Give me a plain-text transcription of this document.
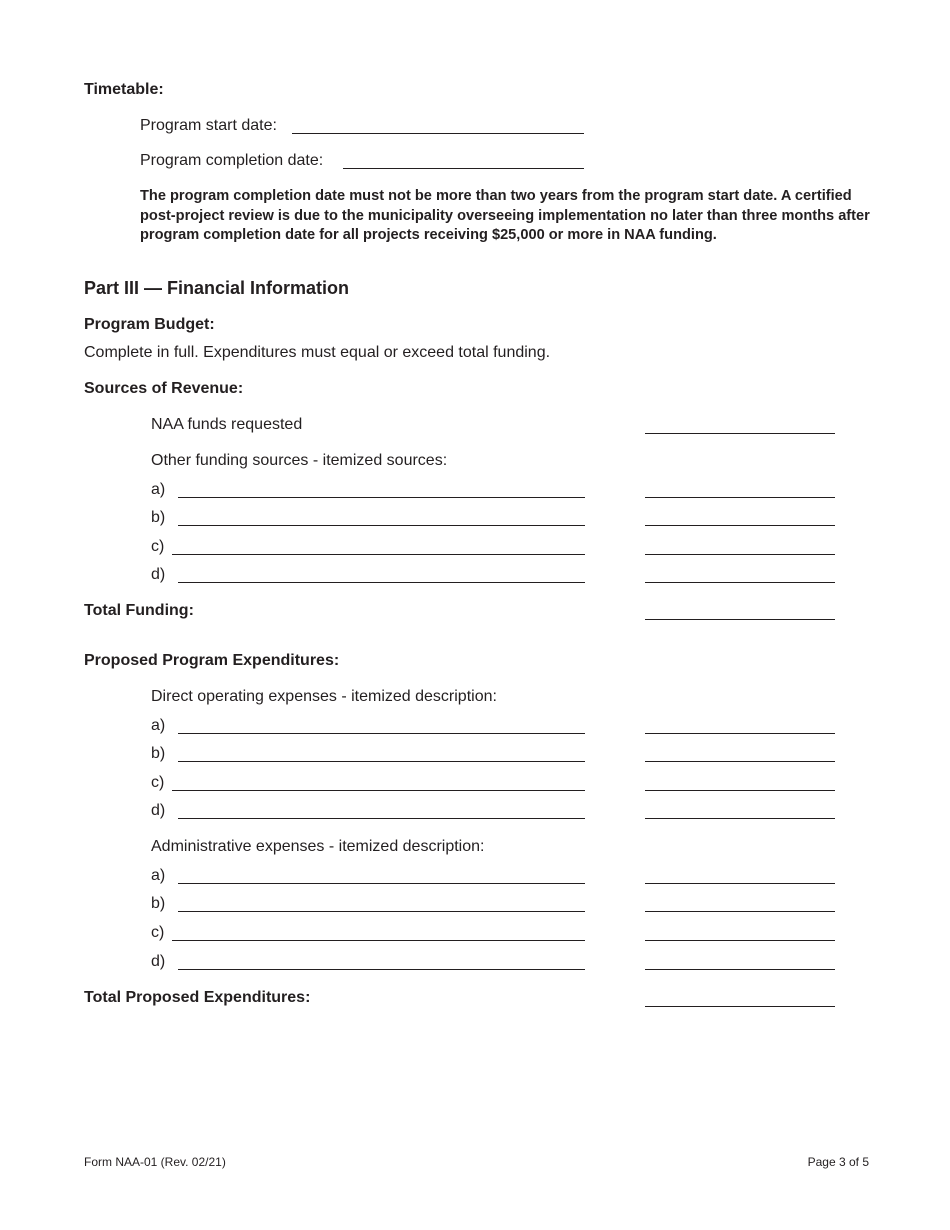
Timetable:
Program start date:
Program completion date:
The program completion date must not be more than two years from the program start date. A certified post-project review is due to the municipality overseeing implementation no later than three months after program completion date for all projects receiving $25,000 or more in NAA funding.
Part III — Financial Information
Program Budget:
Complete in full. Expenditures must equal or exceed total funding.
Sources of Revenue:
NAA funds requested
Other funding sources - itemized sources:
a)
b)
c)
d)
Total Funding:
Proposed Program Expenditures:
Direct operating expenses - itemized description:
a)
b)
c)
d)
Administrative expenses - itemized description:
a)
b)
c)
d)
Total Proposed Expenditures:
Form NAA-01 (Rev. 02/21)	Page 3 of 5
